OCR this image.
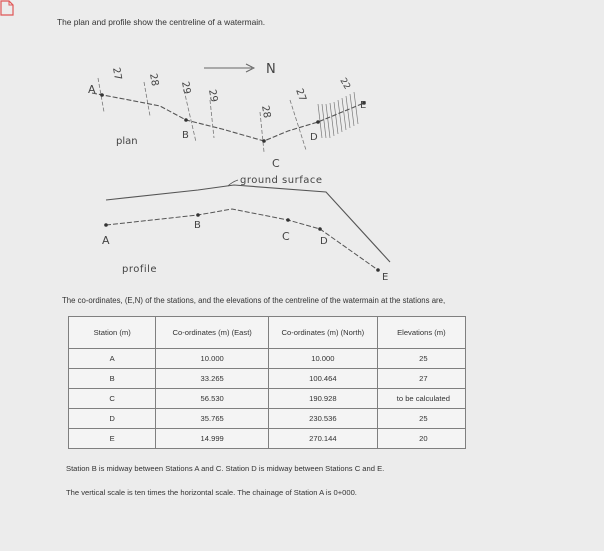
The plan and profile show the centreline of a watermain.
N
27 28
29
29
28
27
22
A
B
C
D
E
plan
ground surface
A
B
C	D
E
profile
The co-ordinates, (E,N) of the stations, and the elevations of the centreline of the watermain at the stations are,
Station (m)	Co-ordinates (m) (East)	Co-ordinates (m) (North)	Elevations (m)
A	10.000	10.000	25
B	33.265	100.464	27
C	56.530	190.928	to be calculated
D	35.765	230.536	25
E	14.999	270.144	20
Station B is midway between Stations A and C. Station D is midway between Stations C and E.
The vertical scale is ten times the horizontal scale. The chainage of Station A is 0+000.
